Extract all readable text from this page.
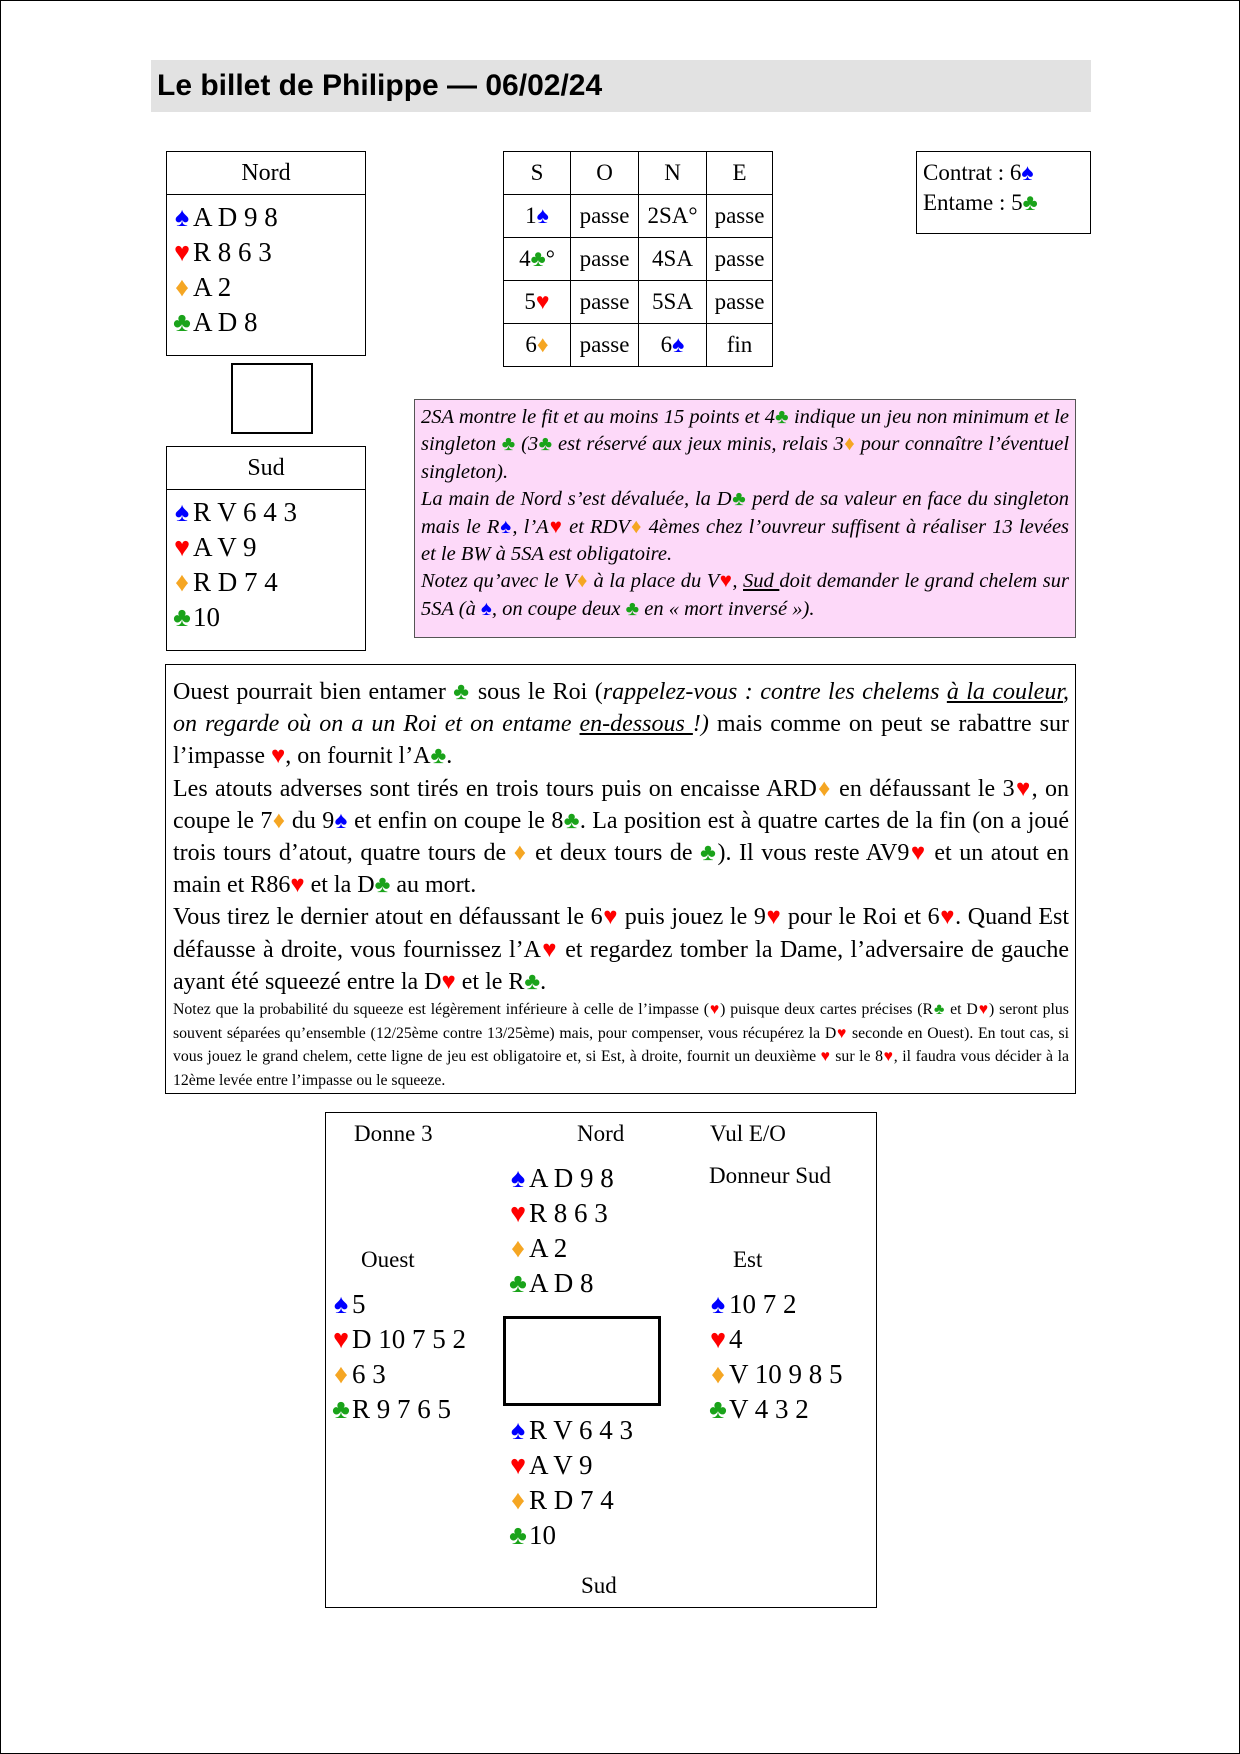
Le billet de Philippe — 06/02/24
Nord
♠ A D 9 8
♥ R 8 6 3
♦ A 2
♣A D 8
Sud
♠ R V 6 4 3
♥ A V 9
♦ R D 7 4
♣10
S	O	N	E
1♠	passe	2SA°	passe
4♣°	passe	4SA	passe
5♥	passe	5SA	passe
6♦	passe	6♠	fin
Contrat : 6♠
Entame : 5♣

2SA montre le fit et au moins 15 points et 4♣ indique un jeu non minimum et le singleton ♣ (3♣ est réservé aux jeux minis, relais 3♦ pour connaître l’éventuel singleton).

La main de Nord s’est dévaluée, la D♣ perd de sa valeur en face du singleton mais le R♠, l’A♥ et RDV♦ 4èmes chez l’ouvreur suffisent à réaliser 13 levées et le BW à 5SA est obligatoire.

Notez qu’avec le V♦ à la place du V♥, Sud doit demander le grand chelem sur 5SA (à ♠, on coupe deux ♣ en « mort inversé »).

Ouest pourrait bien entamer ♣ sous le Roi (rappelez-vous : contre les chelems à la couleur, on regarde où on a un Roi et on entame en-dessous !) mais comme on peut se rabattre sur l’impasse ♥, on fournit l’A♣.

Les atouts adverses sont tirés en trois tours puis on encaisse ARD♦ en défaussant le 3♥, on coupe le 7♦ du 9♠ et enfin on coupe le 8♣. La position est à quatre cartes de la fin (on a joué trois tours d’atout, quatre tours de ♦ et deux tours de ♣). Il vous reste AV9♥ et un atout en main et R86♥ et la D♣ au mort.

Vous tirez le dernier atout en défaussant le 6♥ puis jouez le 9♥ pour le Roi et 6♥. Quand Est défausse à droite, vous fournissez l’A♥ et regardez tomber la Dame, l’adversaire de gauche ayant été squeezé entre la D♥ et le R♣.

Notez que la probabilité du squeeze est légèrement inférieure à celle de l’impasse (♥) puisque deux cartes précises (R♣ et D♥) seront plus souvent séparées qu’ensemble (12/25ème contre 13/25ème) mais, pour compenser, vous récupérez la D♥ seconde en Ouest). En tout cas, si vous jouez le grand chelem, cette ligne de jeu est obligatoire et, si Est, à droite, fournit un deuxième ♥ sur le 8♥, il faudra vous décider à la 12ème levée entre l’impasse ou le squeeze.

Donne 3	Nord	Vul E/O
Donneur Sud
Ouest	Est
Sud
♠ A D 9 8
♥ R 8 6 3
♦ A 2
♣A D 8
♠ 5
♥ D 10 7 5 2
♦ 6 3
♣R 9 7 6 5
♠ 10 7 2
♥ 4
♦ V 10 9 8 5
♣V 4 3 2
♠ R V 6 4 3
♥ A V 9
♦ R D 7 4
♣10
